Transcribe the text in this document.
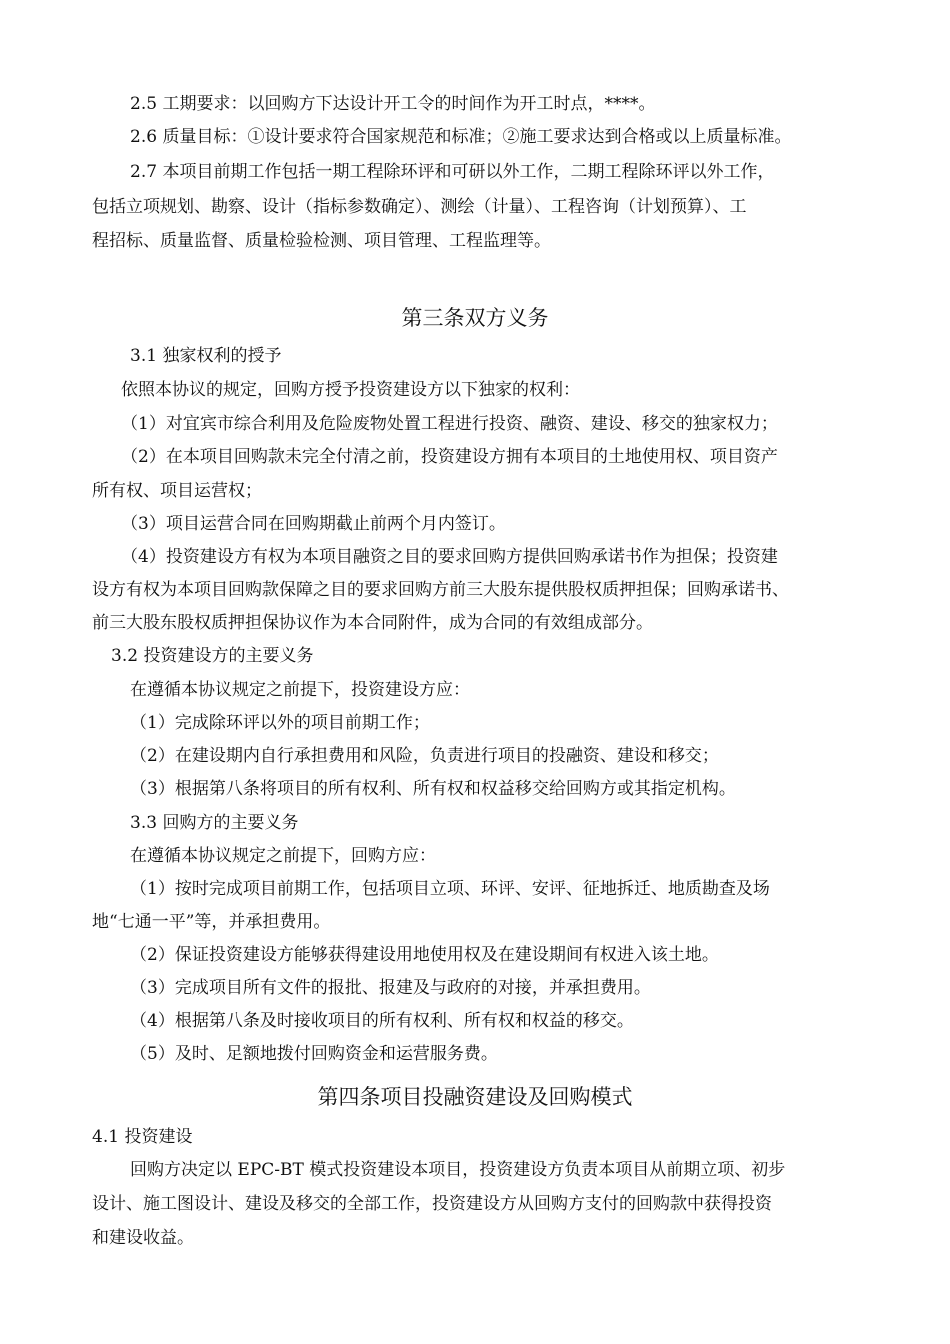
2.5 工期要求：以回购方下达设计开工令的时间作为开工时点，****。
2.6 质量目标：①设计要求符合国家规范和标准；②施工要求达到合格或以上质量标准。
2.7 本项目前期工作包括一期工程除环评和可研以外工作，二期工程除环评以外工作，
包括立项规划、勘察、设计（指标参数确定）、测绘（计量）、工程咨询（计划预算）、工
程招标、质量监督、质量检验检测、项目管理、工程监理等。
第三条双方义务
3.1 独家权利的授予
依照本协议的规定，回购方授予投资建设方以下独家的权利：
（1）对宜宾市综合利用及危险废物处置工程进行投资、融资、建设、移交的独家权力；
（2）在本项目回购款未完全付清之前，投资建设方拥有本项目的土地使用权、项目资产
所有权、项目运营权；
（3）项目运营合同在回购期截止前两个月内签订。
（4）投资建设方有权为本项目融资之目的要求回购方提供回购承诺书作为担保；投资建
设方有权为本项目回购款保障之目的要求回购方前三大股东提供股权质押担保；回购承诺书、
前三大股东股权质押担保协议作为本合同附件，成为合同的有效组成部分。
3.2 投资建设方的主要义务
在遵循本协议规定之前提下，投资建设方应：
（1）完成除环评以外的项目前期工作；
（2）在建设期内自行承担费用和风险，负责进行项目的投融资、建设和移交；
（3）根据第八条将项目的所有权利、所有权和权益移交给回购方或其指定机构。
3.3 回购方的主要义务
在遵循本协议规定之前提下，回购方应：
（1）按时完成项目前期工作，包括项目立项、环评、安评、征地拆迁、地质勘查及场
地“七通一平”等，并承担费用。
（2）保证投资建设方能够获得建设用地使用权及在建设期间有权进入该土地。
（3）完成项目所有文件的报批、报建及与政府的对接，并承担费用。
（4）根据第八条及时接收项目的所有权利、所有权和权益的移交。
（5）及时、足额地拨付回购资金和运营服务费。
第四条项目投融资建设及回购模式
4.1 投资建设
回购方决定以 EPC-BT 模式投资建设本项目，投资建设方负责本项目从前期立项、初步
设计、施工图设计、建设及移交的全部工作，投资建设方从回购方支付的回购款中获得投资
和建设收益。
